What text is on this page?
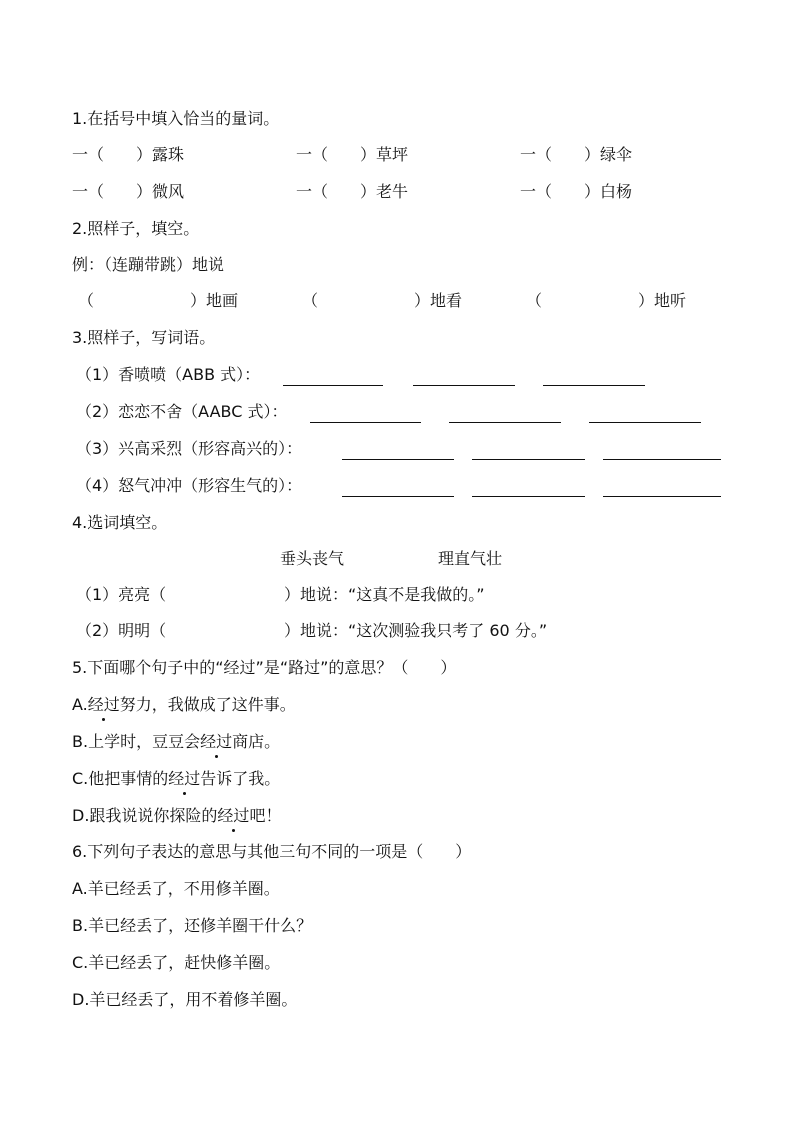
1.在括号中填入恰当的量词。
一（　　）露珠	一（　　）草坪	一（　　）绿伞
一（　　）微风	一（　　）老牛	一（　　）白杨
2.照样子，填空。
例：（连蹦带跳）地说
（　　　　　　）地画	（　　　　　　）地看	（　　　　　　）地听
3.照样子，写词语。
（1）香喷喷（ABB 式）：
（2）恋恋不舍（AABC 式）：
（3）兴高采烈（形容高兴的）：
（4）怒气冲冲（形容生气的）：
4.选词填空。
垂头丧气	理直气壮
（1）亮亮（	）地说：“这真不是我做的。”
（2）明明（	）地说：“这次测验我只考了 60 分。”
5.下面哪个句子中的“经过”是“路过”的意思？（　　）
A.经过努力，我做成了这件事。
B.上学时，豆豆会经过商店。
C.他把事情的经过告诉了我。
D.跟我说说你探险的经过吧！
6.下列句子表达的意思与其他三句不同的一项是（　　）
A.羊已经丢了，不用修羊圈。
B.羊已经丢了，还修羊圈干什么？
C.羊已经丢了，赶快修羊圈。
D.羊已经丢了，用不着修羊圈。
